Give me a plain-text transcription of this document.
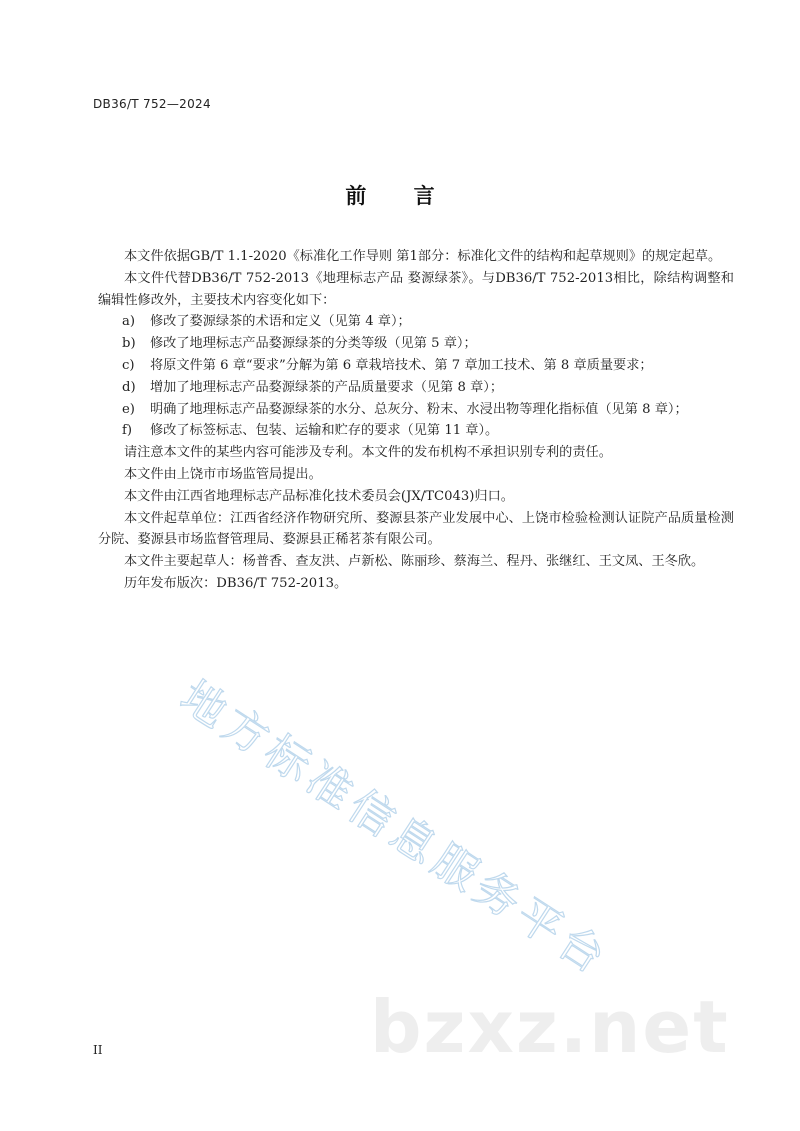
DB36/T 752—2024
前 言

本文件依据GB/T 1.1-2020《标准化工作导则 第1部分：标准化文件的结构和起草规则》的规定起草。

本文件代替DB36/T 752-2013《地理标志产品 婺源绿茶》。与DB36/T 752-2013相比，除结构调整和编辑性修改外，主要技术内容变化如下：

a) 修改了婺源绿茶的术语和定义（见第 4 章）；

b) 修改了地理标志产品婺源绿茶的分类等级（见第 5 章）；

c) 将原文件第 6 章“要求”分解为第 6 章栽培技术、第 7 章加工技术、第 8 章质量要求；

d) 增加了地理标志产品婺源绿茶的产品质量要求（见第 8 章）；

e) 明确了地理标志产品婺源绿茶的水分、总灰分、粉末、水浸出物等理化指标值（见第 8 章）；

f) 修改了标签标志、包装、运输和贮存的要求（见第 11 章）。

请注意本文件的某些内容可能涉及专利。本文件的发布机构不承担识别专利的责任。

本文件由上饶市市场监管局提出。

本文件由江西省地理标志产品标准化技术委员会(JX/TC043)归口。

本文件起草单位：江西省经济作物研究所、婺源县茶产业发展中心、上饶市检验检测认证院产品质量检测分院、婺源县市场监督管理局、婺源县正稀茗茶有限公司。

本文件主要起草人：杨普香、查友洪、卢新松、陈丽珍、蔡海兰、程丹、张继红、王文凤、王冬欣。

历年发布版次：DB36/T 752-2013。

地方标准信息服务平台
bzxz.net
II
